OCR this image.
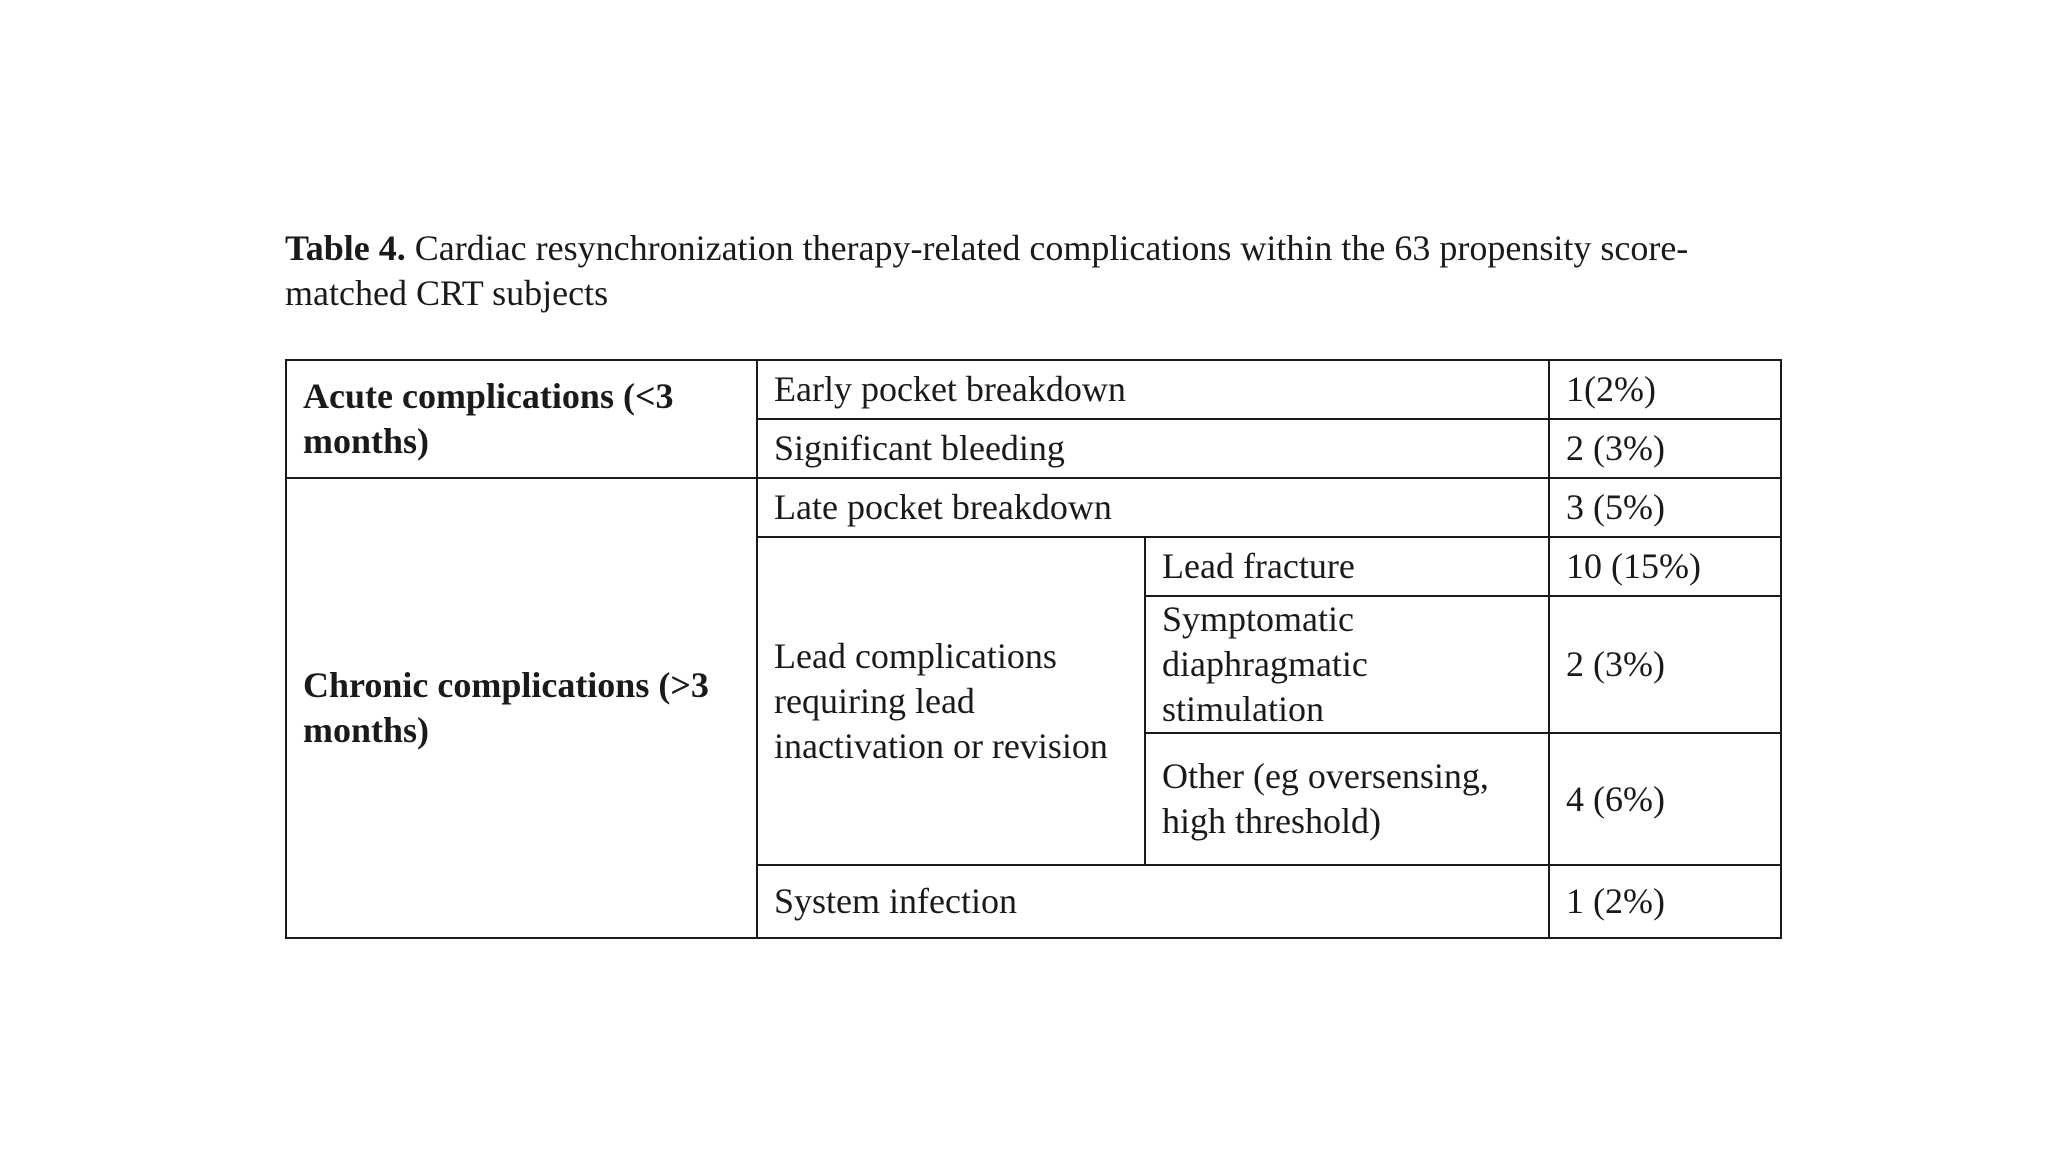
Table 4. Cardiac resynchronization therapy-related complications within the 63 propensity score-matched CRT subjects

Acute complications (<3 months)	Early pocket breakdown		1(2%)
	Significant bleeding		2 (3%)
Chronic complications (>3 months)	Late pocket breakdown		3 (5%)
	Lead complications requiring lead inactivation or revision	Lead fracture	10 (15%)
		Symptomatic diaphragmatic stimulation	2 (3%)
		Other (eg oversensing, high threshold)	4 (6%)
	System infection		1 (2%)
